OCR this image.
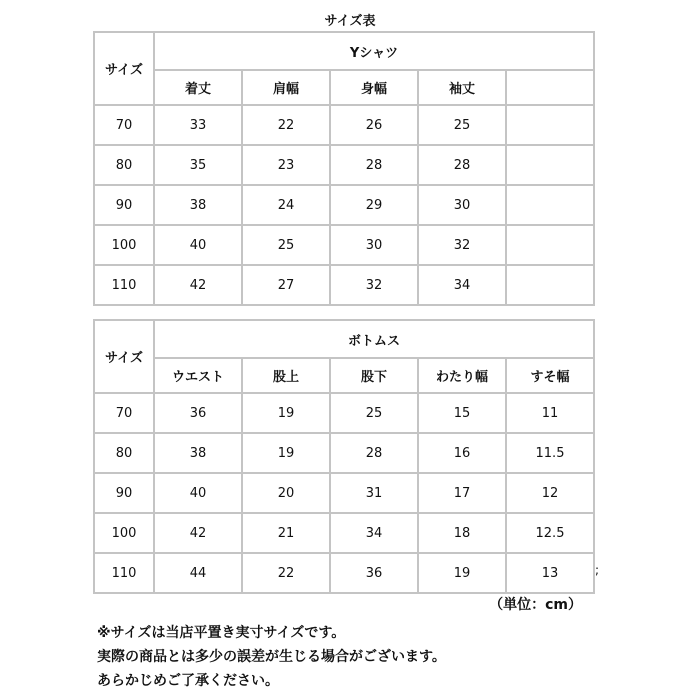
サイズ表
サイズ	Yシャツ				
	着丈	肩幅	身幅	袖丈	
70	33	22	26	25	
80	35	23	28	28	
90	38	24	29	30	
100	40	25	30	32	
110	42	27	32	34	
サイズ	ボトムス				
	ウエスト	股上	股下	わたり幅	すそ幅
70	36	19	25	15	11
80	38	19	28	16	11.5
90	40	20	31	17	12
100	42	21	34	18	12.5
110	44	22	36	19	13	;
（単位：cm）
※サイズは当店平置き実寸サイズです。
実際の商品とは多少の誤差が生じる場合がございます。
あらかじめご了承ください。
